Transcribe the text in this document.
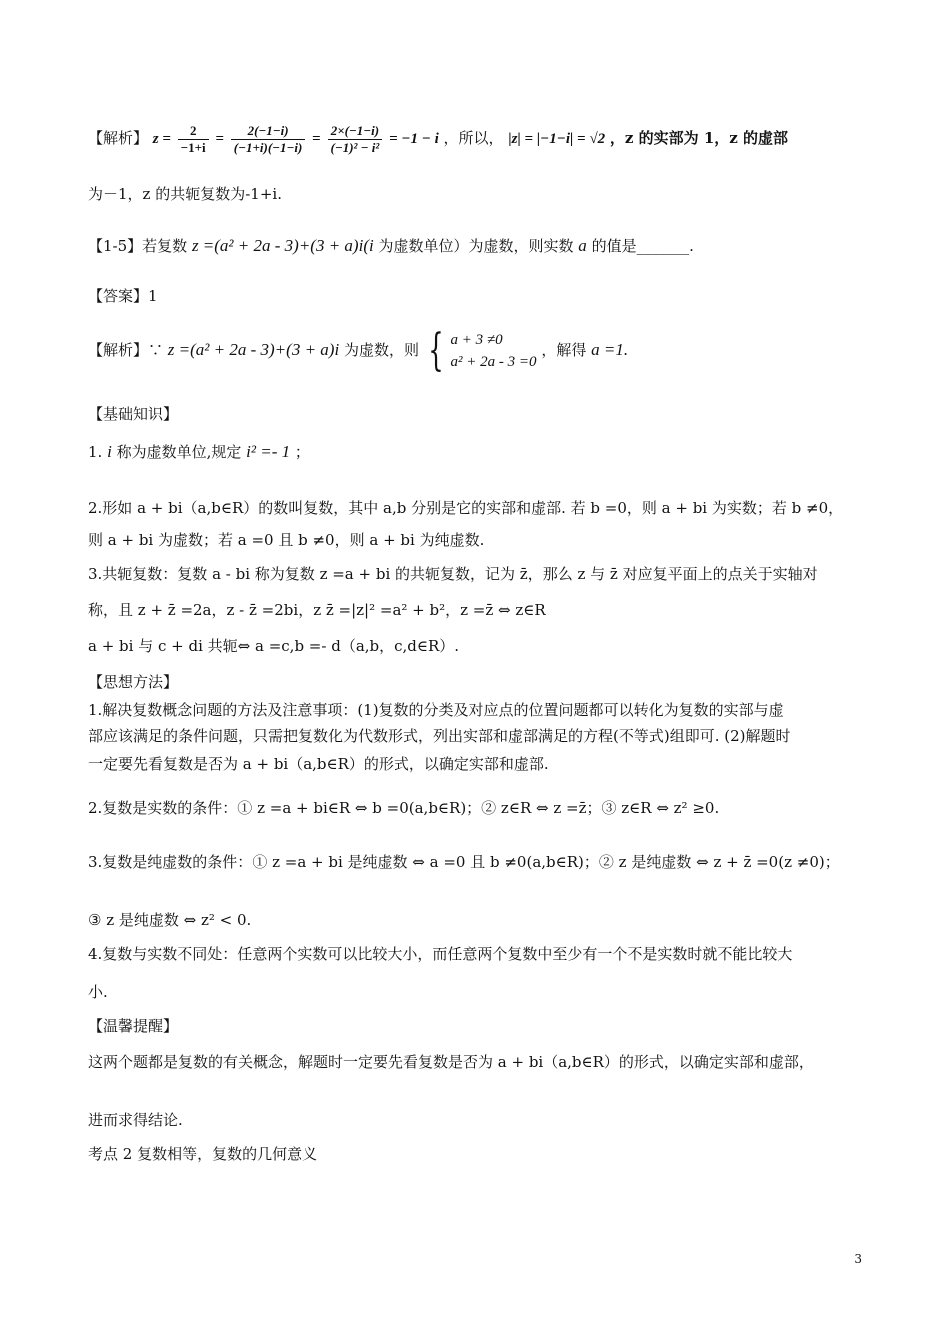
【解析】 $z = \frac{2}{-1+i} = \frac{2(-1-i)}{(-1+i)(-1-i)} = \frac{2\times(-1-i)}{\text{(−1)² − i²}} = -1 - i$ ，所以， |z| = |−1−i| = √2 ，z 的实部为 1，z 的虚部
为－1，z 的共轭复数为-1+i.
【1-5】若复数 z =(a² + 2a - 3)+(3 + a)i(i 为虚数单位）为虚数，则实数 a 的值是_______.
【答案】1
【解析】∵ z =(a² + 2a - 3)+(3 + a)i 为虚数，则 { a + 3 ≠0
a² + 2a - 3 =0
，解得 a =1.
【基础知识】
1. i 称为虚数单位,规定 i² =- 1 ；
2.形如 a + bi（a,b∈R）的数叫复数，其中 a,b 分别是它的实部和虚部. 若 b =0，则 a + bi 为实数；若 b ≠0，
则 a + bi 为虚数；若 a =0 且 b ≠0，则 a + bi 为纯虚数.
3.共轭复数：复数 a - bi 称为复数 z =a + bi 的共轭复数，记为 z̄，那么 z 与 z̄ 对应复平面上的点关于实轴对
称，且 z + z̄ =2a，z - z̄ =2bi，z z̄ =|z|² =a² + b²，z =z̄ ⇔ z∈R
a + bi 与 c + di 共轭⇔ a =c,b =- d（a,b，c,d∈R）.
【思想方法】
1.解决复数概念问题的方法及注意事项：(1)复数的分类及对应点的位置问题都可以转化为复数的实部与虚
部应该满足的条件问题，只需把复数化为代数形式，列出实部和虚部满足的方程(不等式)组即可. (2)解题时
一定要先看复数是否为 a + bi（a,b∈R）的形式，以确定实部和虚部.
2.复数是实数的条件：① z =a + bi∈R ⇔ b =0(a,b∈R)；② z∈R ⇔ z =z̄；③ z∈R ⇔ z² ≥0.
3.复数是纯虚数的条件：① z =a + bi 是纯虚数 ⇔ a =0 且 b ≠0(a,b∈R)；② z 是纯虚数 ⇔ z + z̄ =0(z ≠0)；
③ z 是纯虚数 ⇔ z² < 0.
4.复数与实数不同处：任意两个实数可以比较大小，而任意两个复数中至少有一个不是实数时就不能比较大
小.
【温馨提醒】
这两个题都是复数的有关概念，解题时一定要先看复数是否为 a + bi（a,b∈R）的形式，以确定实部和虚部，
进而求得结论.
考点 2 复数相等，复数的几何意义
3
